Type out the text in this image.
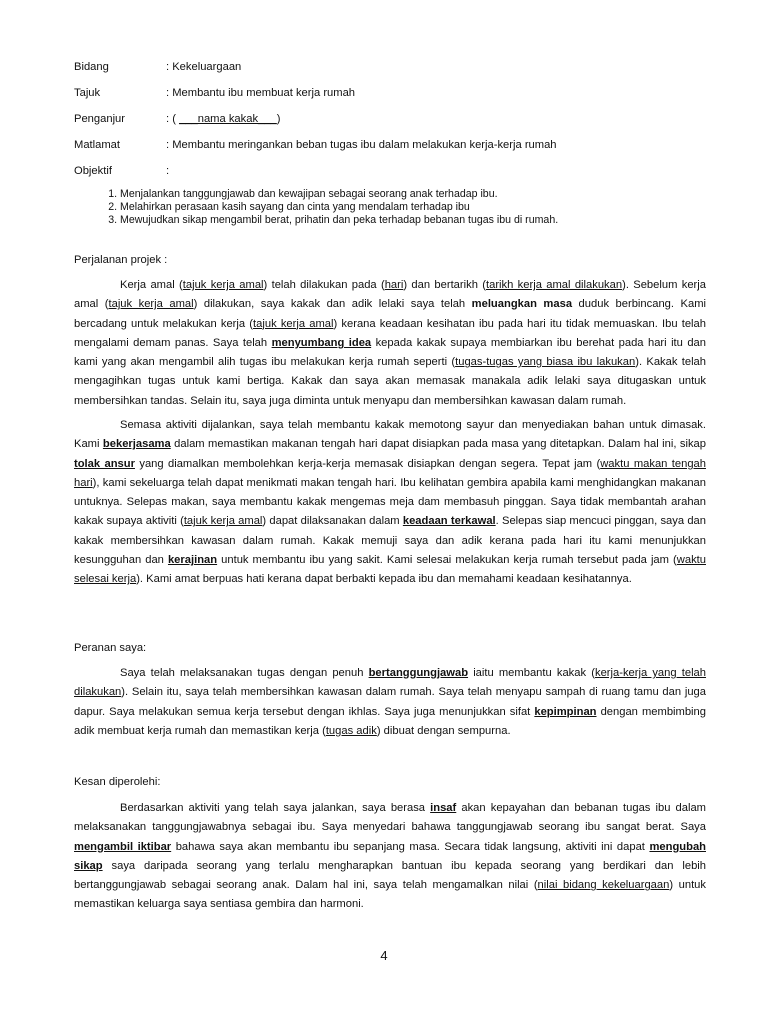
Bidang	: Kekeluargaan
Tajuk	: Membantu ibu membuat kerja rumah
Penganjur	: ( ___nama kakak___)
Matlamat	: Membantu meringankan beban tugas ibu dalam melakukan kerja-kerja rumah
Objektif	:
1. Menjalankan tanggungjawab dan kewajipan sebagai seorang anak terhadap ibu.
2. Melahirkan perasaan kasih sayang dan cinta yang mendalam terhadap ibu
3. Mewujudkan sikap mengambil berat, prihatin dan peka terhadap bebanan tugas ibu di rumah.
Perjalanan projek :

Kerja amal (tajuk kerja amal) telah dilakukan pada (hari) dan bertarikh (tarikh kerja amal dilakukan). Sebelum kerja amal (tajuk kerja amal) dilakukan, saya kakak dan adik lelaki saya telah meluangkan masa duduk berbincang. Kami bercadang untuk melakukan kerja (tajuk kerja amal) kerana keadaan kesihatan ibu pada hari itu tidak memuaskan. Ibu telah mengalami demam panas. Saya telah menyumbang idea kepada kakak supaya membiarkan ibu berehat pada hari itu dan kami yang akan mengambil alih tugas ibu melakukan kerja rumah seperti (tugas-tugas yang biasa ibu lakukan). Kakak telah mengagihkan tugas untuk kami bertiga. Kakak dan saya akan memasak manakala adik lelaki saya ditugaskan untuk membersihkan tandas. Selain itu, saya juga diminta untuk menyapu dan membersihkan kawasan dalam rumah.

Semasa aktiviti dijalankan, saya telah membantu kakak memotong sayur dan menyediakan bahan untuk dimasak. Kami bekerjasama dalam memastikan makanan tengah hari dapat disiapkan pada masa yang ditetapkan. Dalam hal ini, sikap tolak ansur yang diamalkan membolehkan kerja-kerja memasak disiapkan dengan segera. Tepat jam (waktu makan tengah hari), kami sekeluarga telah dapat menikmati makan tengah hari. Ibu kelihatan gembira apabila kami menghidangkan makanan untuknya. Selepas makan, saya membantu kakak mengemas meja dam membasuh pinggan. Saya tidak membantah arahan kakak supaya aktiviti (tajuk kerja amal) dapat dilaksanakan dalam keadaan terkawal. Selepas siap mencuci pinggan, saya dan kakak membersihkan kawasan dalam rumah. Kakak memuji saya dan adik kerana pada hari itu kami menunjukkan kesungguhan dan kerajinan untuk membantu ibu yang sakit. Kami selesai melakukan kerja rumah tersebut pada jam (waktu selesai kerja). Kami amat berpuas hati kerana dapat berbakti kepada ibu dan memahami keadaan kesihatannya.

Peranan saya:

Saya telah melaksanakan tugas dengan penuh bertanggungjawab iaitu membantu kakak (kerja-kerja yang telah dilakukan). Selain itu, saya telah membersihkan kawasan dalam rumah. Saya telah menyapu sampah di ruang tamu dan juga dapur. Saya melakukan semua kerja tersebut dengan ikhlas. Saya juga menunjukkan sifat kepimpinan dengan membimbing adik membuat kerja rumah dan memastikan kerja (tugas adik) dibuat dengan sempurna.

Kesan diperolehi:

Berdasarkan aktiviti yang telah saya jalankan, saya berasa insaf akan kepayahan dan bebanan tugas ibu dalam melaksanakan tanggungjawabnya sebagai ibu. Saya menyedari bahawa tanggungjawab seorang ibu sangat berat. Saya mengambil iktibar bahawa saya akan membantu ibu sepanjang masa. Secara tidak langsung, aktiviti ini dapat mengubah sikap saya daripada seorang yang terlalu mengharapkan bantuan ibu kepada seorang yang berdikari dan lebih bertanggungjawab sebagai seorang anak. Dalam hal ini, saya telah mengamalkan nilai (nilai bidang kekeluargaan) untuk memastikan keluarga saya sentiasa gembira dan harmoni.

4
